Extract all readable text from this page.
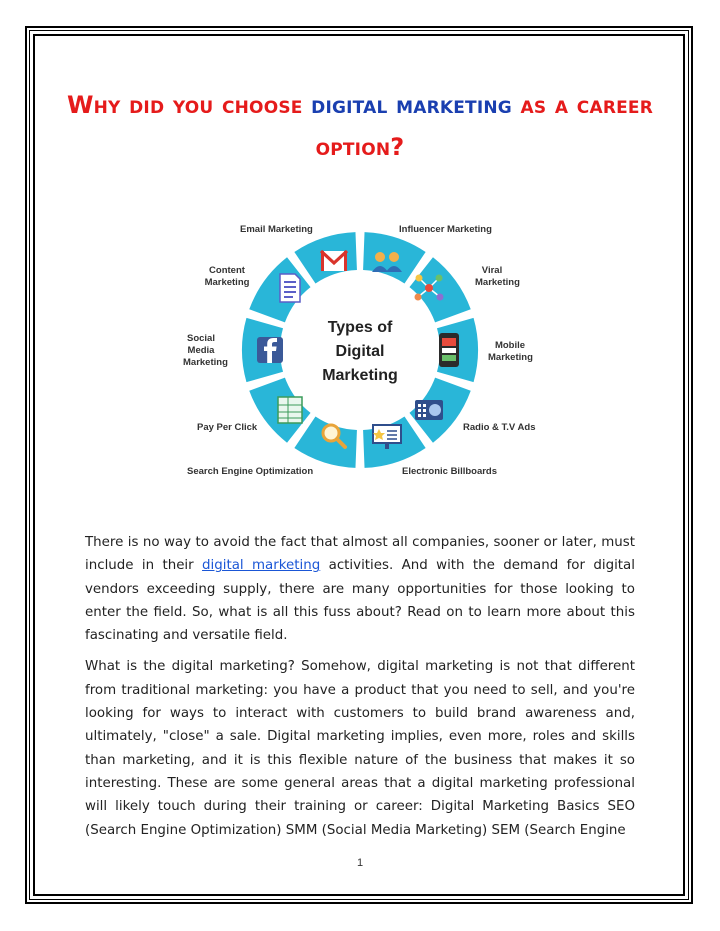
Why did you choose digital marketing as a career option?
Types of
Digital
Marketing
Email Marketing	Influencer Marketing
Viral Marketing
Mobile Marketing
Radio & T.V Ads
Electronic Billboards
Search Engine Optimization
Pay Per Click
Social Media Marketing
Content Marketing

There is no way to avoid the fact that almost all companies, sooner or later, must include in their digital marketing activities. And with the demand for digital vendors exceeding supply, there are many opportunities for those looking to enter the field. So, what is all this fuss about? Read on to learn more about this fascinating and versatile field.

What is the digital marketing? Somehow, digital marketing is not that different from traditional marketing: you have a product that you need to sell, and you're looking for ways to interact with customers to build brand awareness and, ultimately, "close" a sale. Digital marketing implies, even more, roles and skills than marketing, and it is this flexible nature of the business that makes it so interesting. These are some general areas that a digital marketing professional will likely touch during their training or career: Digital Marketing Basics SEO (Search Engine Optimization) SMM (Social Media Marketing) SEM (Search Engine

1
